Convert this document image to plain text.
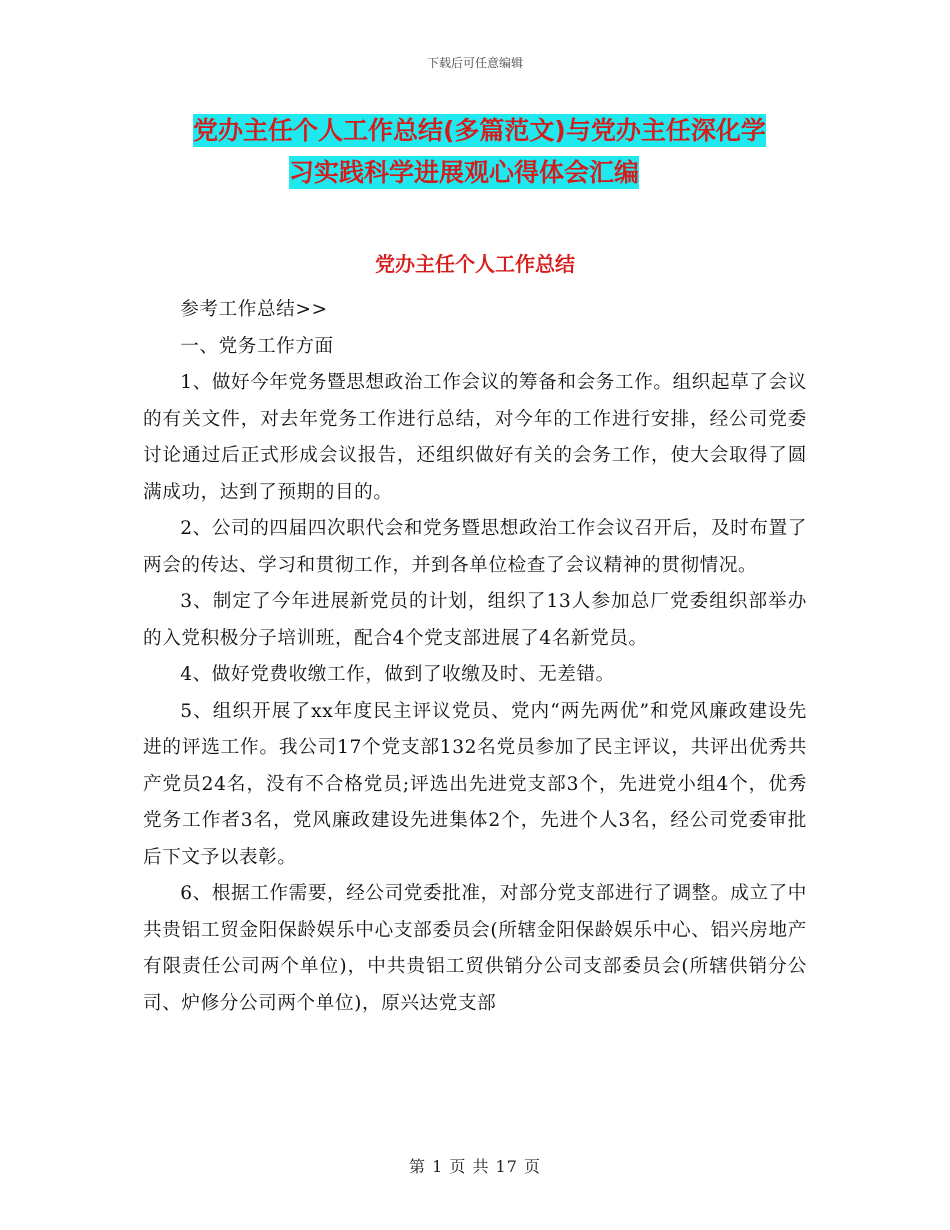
下载后可任意编辑
党办主任个人工作总结(多篇范文)与党办主任深化学
习实践科学进展观心得体会汇编
党办主任个人工作总结

参考工作总结>>

一、党务工作方面

1、做好今年党务暨思想政治工作会议的筹备和会务工作。组织起草了会议的有关文件，对去年党务工作进行总结，对今年的工作进行安排，经公司党委讨论通过后正式形成会议报告，还组织做好有关的会务工作，使大会取得了圆满成功，达到了预期的目的。

2、公司的四届四次职代会和党务暨思想政治工作会议召开后，及时布置了两会的传达、学习和贯彻工作，并到各单位检查了会议精神的贯彻情况。

3、制定了今年进展新党员的计划，组织了13人参加总厂党委组织部举办的入党积极分子培训班，配合4个党支部进展了4名新党员。

4、做好党费收缴工作，做到了收缴及时、无差错。

5、组织开展了xx年度民主评议党员、党内“两先两优”和党风廉政建设先进的评选工作。我公司17个党支部132名党员参加了民主评议，共评出优秀共产党员24名，没有不合格党员;评选出先进党支部3个，先进党小组4个，优秀党务工作者3名，党风廉政建设先进集体2个，先进个人3名，经公司党委审批后下文予以表彰。

6、根据工作需要，经公司党委批准，对部分党支部进行了调整。成立了中共贵铝工贸金阳保龄娱乐中心支部委员会(所辖金阳保龄娱乐中心、铝兴房地产有限责任公司两个单位)，中共贵铝工贸供销分公司支部委员会(所辖供销分公司、炉修分公司两个单位)，原兴达党支部

第 1 页 共 17 页
